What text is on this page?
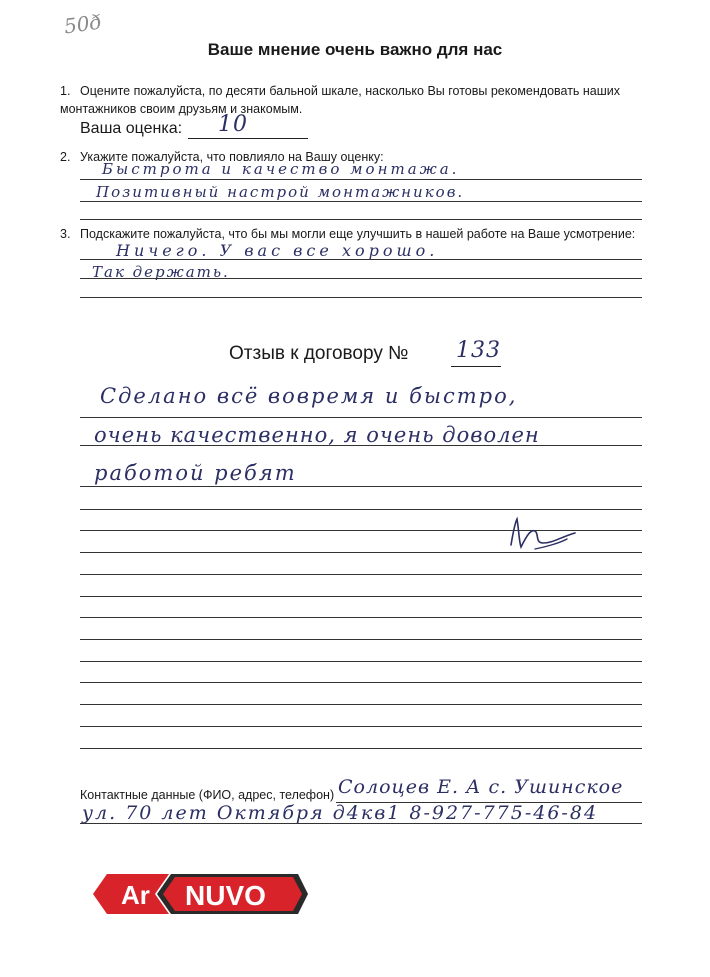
50ð
Ваше мнение очень важно для нас
1. Оцените пожалуйста, по десяти бальной шкале, насколько Вы готовы рекомендовать наших монтажников своим друзьям и знакомым.
Ваша оценка: 10
2. Укажите пожалуйста, что повлияло на Вашу оценку:
Быстрота и качество монтажа.
Позитивный настрой монтажников.
3. Подскажите пожалуйста, что бы мы могли еще улучшить в нашей работе на Ваше усмотрение:
Ничего. У вас все хорошо.
Так держать.
Отзыв к договору № 133
Сделано всё вовремя и быстро,
очень качественно, я очень доволен
работой ребят
Контактные данные (ФИО, адрес, телефон) Солоцев Е. А с. Ушинское
ул. 70 лет Октября д4кв1 8-927-775-46-84
Ar NUVO
